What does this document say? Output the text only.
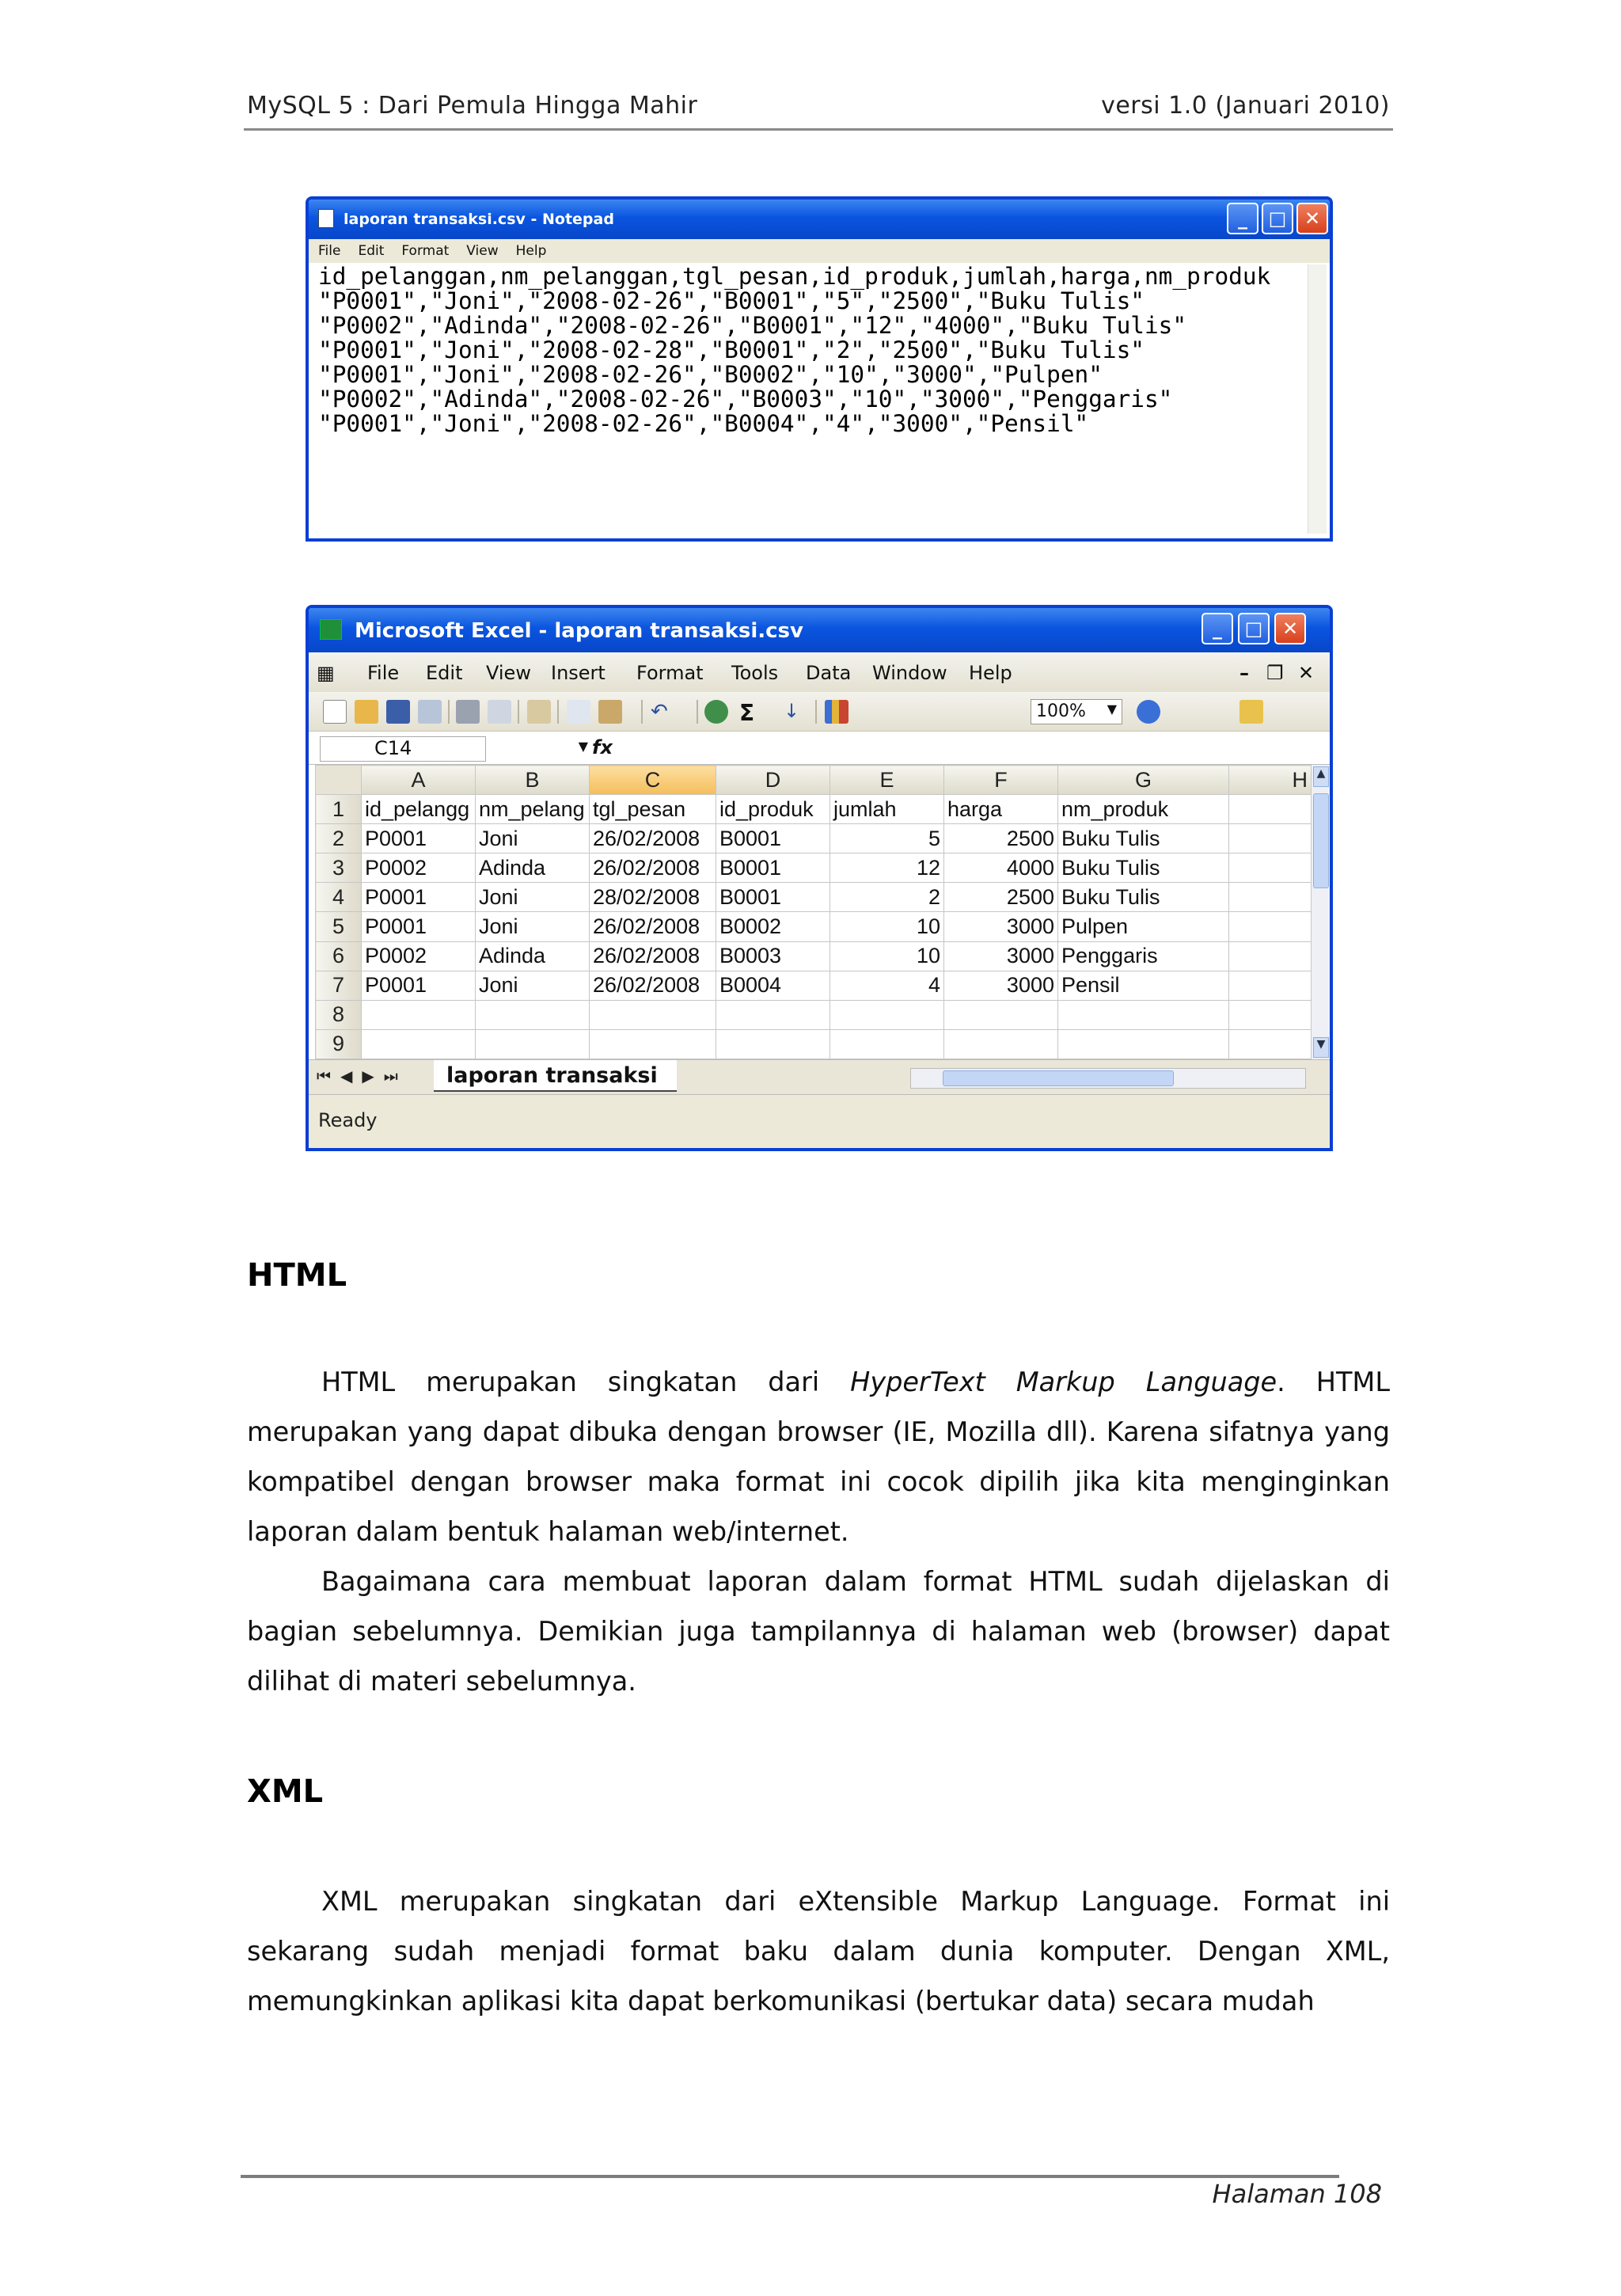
MySQL 5 : Dari Pemula Hingga Mahir	versi 1.0 (Januari 2010)
laporan transaksi.csv - Notepad	_	□ ✕
File Edit Format View Help
id_pelanggan,nm_pelanggan,tgl_pesan,id_produk,jumlah,harga,nm_produk
"P0001","Joni","2008-02-26","B0001","5","2500","Buku Tulis"
"P0002","Adinda","2008-02-26","B0001","12","4000","Buku Tulis"
"P0001","Joni","2008-02-28","B0001","2","2500","Buku Tulis"
"P0001","Joni","2008-02-26","B0002","10","3000","Pulpen"
"P0002","Adinda","2008-02-26","B0003","10","3000","Penggaris"
"P0001","Joni","2008-02-26","B0004","4","3000","Pensil"
Microsoft Excel - laporan transaksi.csv	_	□	✕
▦ File Edit View Insert Format Tools Data Window Help	– ❐ ✕
↶	Σ	↓	100% ▼
C14	▼ fx
	A	B	C	D	E	F	G	H	
1	id_pelangg	nm_pelang	tgl_pesan	id_produk	jumlah	harga	nm_produk		
2	P0001	Joni	26/02/2008	B0001	5	2500	Buku Tulis		
3	P0002	Adinda	26/02/2008	B0001	12	4000	Buku Tulis		
4	P0001	Joni	28/02/2008	B0001	2	2500	Buku Tulis		
5	P0001	Joni	26/02/2008	B0002	10	3000	Pulpen		
6	P0002	Adinda	26/02/2008	B0003	10	3000	Penggaris		
7	P0001	Joni	26/02/2008	B0004	4	3000	Pensil		
8									
9									
▲
▼
⏮◀▶⏭	laporan transaksi
Ready
HTML

HTML merupakan singkatan dari HyperText Markup Language. HTML merupakan yang dapat dibuka dengan browser (IE, Mozilla dll). Karena sifatnya yang kompatibel dengan browser maka format ini cocok dipilih jika kita menginginkan laporan dalam bentuk halaman web/internet.

Bagaimana cara membuat laporan dalam format HTML sudah dijelaskan di bagian sebelumnya. Demikian juga tampilannya di halaman web (browser) dapat dilihat di materi sebelumnya.

XML

XML merupakan singkatan dari eXtensible Markup Language. Format ini sekarang sudah menjadi format baku dalam dunia komputer. Dengan XML, memungkinkan aplikasi kita dapat berkomunikasi (bertukar data) secara mudah

Halaman 108
